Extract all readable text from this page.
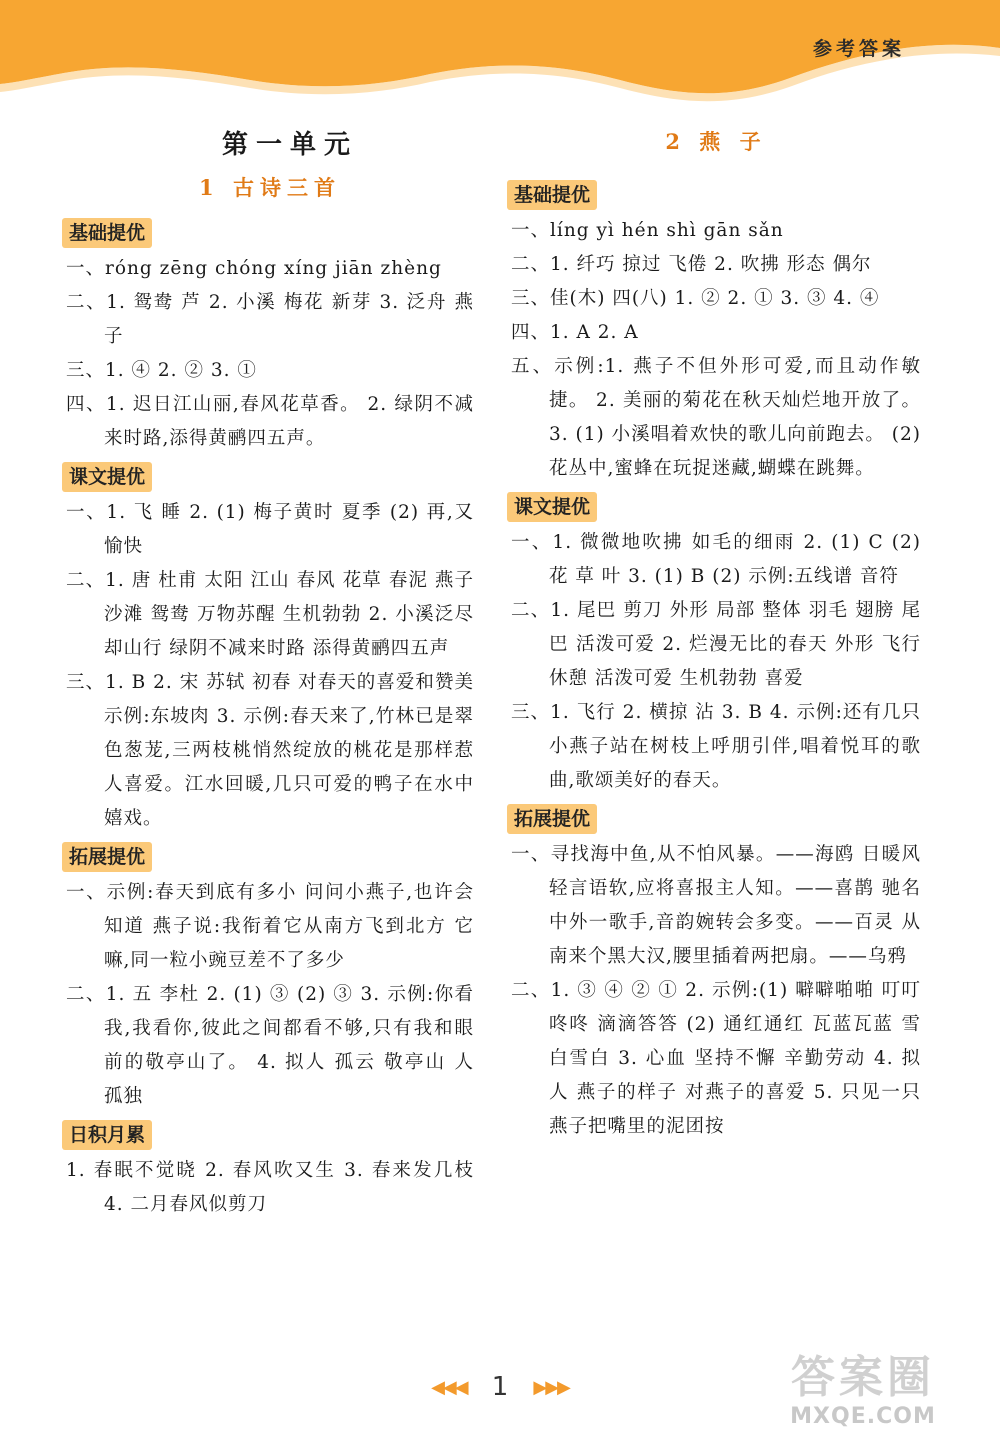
参考答案
第一单元
1 古诗三首
基础提优

一、róng zēng chóng xíng jiān zhèng

二、1. 鸳鸯 芦 2. 小溪 梅花 新芽 3. 泛舟 燕子

三、1. ④ 2. ② 3. ①

四、1. 迟日江山丽,春风花草香。 2. 绿阴不减来时路,添得黄鹂四五声。

课文提优

一、1. 飞 睡 2. (1) 梅子黄时 夏季 (2) 再,又 愉快

二、1. 唐 杜甫 太阳 江山 春风 花草 春泥 燕子 沙滩 鸳鸯 万物苏醒 生机勃勃 2. 小溪泛尽却山行 绿阴不减来时路 添得黄鹂四五声

三、1. B 2. 宋 苏轼 初春 对春天的喜爱和赞美 示例:东坡肉 3. 示例:春天来了,竹林已是翠色葱茏,三两枝桃悄然绽放的桃花是那样惹人喜爱。江水回暖,几只可爱的鸭子在水中嬉戏。

拓展提优

一、示例:春天到底有多小 问问小燕子,也许会知道 燕子说:我衔着它从南方飞到北方 它嘛,同一粒小豌豆差不了多少

二、1. 五 李杜 2. (1) ③ (2) ③ 3. 示例:你看我,我看你,彼此之间都看不够,只有我和眼前的敬亭山了。 4. 拟人 孤云 敬亭山 人 孤独

日积月累

1. 春眠不觉晓 2. 春风吹又生 3. 春来发几枝 4. 二月春风似剪刀

2 燕 子
基础提优

一、líng yì hén shì gān sǎn

二、1. 纤巧 掠过 飞倦 2. 吹拂 形态 偶尔

三、佳(木) 四(八) 1. ② 2. ① 3. ③ 4. ④

四、1. A 2. A

五、示例:1. 燕子不但外形可爱,而且动作敏捷。 2. 美丽的菊花在秋天灿烂地开放了。 3. (1) 小溪唱着欢快的歌儿向前跑去。 (2) 花丛中,蜜蜂在玩捉迷藏,蝴蝶在跳舞。

课文提优

一、1. 微微地吹拂 如毛的细雨 2. (1) C (2) 花 草 叶 3. (1) B (2) 示例:五线谱 音符

二、1. 尾巴 剪刀 外形 局部 整体 羽毛 翅膀 尾巴 活泼可爱 2. 烂漫无比的春天 外形 飞行 休憩 活泼可爱 生机勃勃 喜爱

三、1. 飞行 2. 横掠 沾 3. B 4. 示例:还有几只小燕子站在树枝上呼朋引伴,唱着悦耳的歌曲,歌颂美好的春天。

拓展提优

一、寻找海中鱼,从不怕风暴。——海鸥 日暖风轻言语软,应将喜报主人知。——喜鹊 驰名中外一歌手,音韵婉转会多变。——百灵 从南来个黑大汉,腰里插着两把扇。——乌鸦

二、1. ③ ④ ② ① 2. 示例:(1) 噼噼啪啪 叮叮咚咚 滴滴答答 (2) 通红通红 瓦蓝瓦蓝 雪白雪白 3. 心血 坚持不懈 辛勤劳动 4. 拟人 燕子的样子 对燕子的喜爱 5. 只见一只燕子把嘴里的泥团按

◀◀◀ 1 ▶▶▶	答案圈
MXQE.COM
